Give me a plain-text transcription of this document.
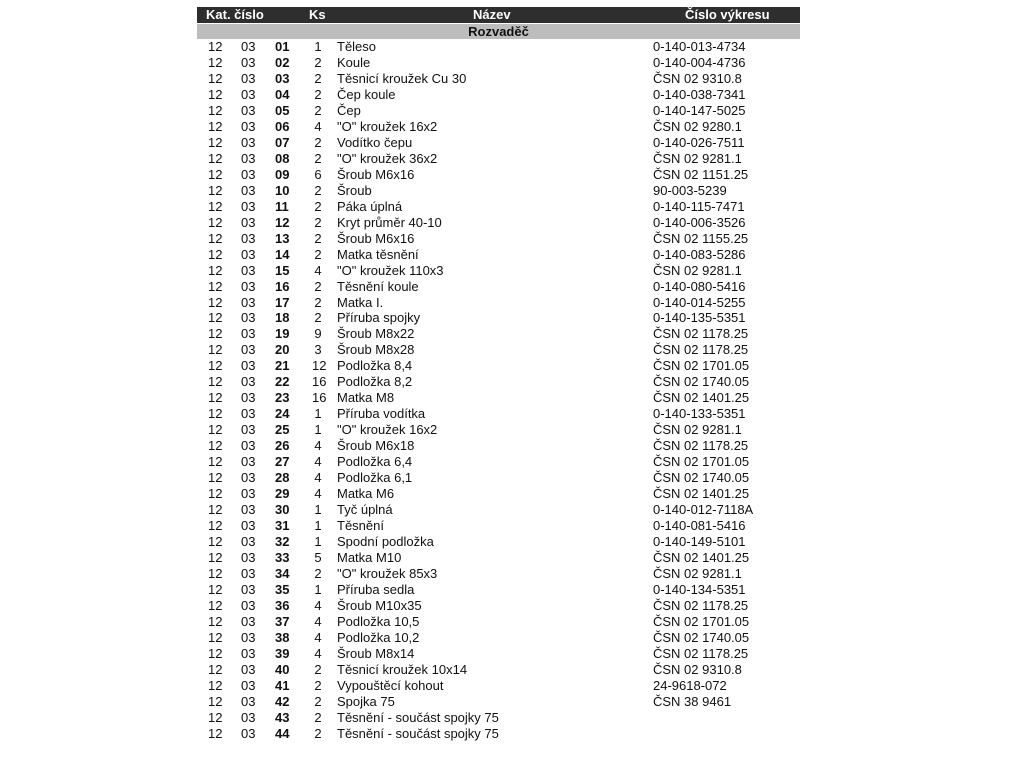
Kat. číslo	Ks	Název	Číslo výkresu
Rozvaděč
12 03 01 1 Těleso	0-140-013-4734
12 03 02 2 Koule	0-140-004-4736
12 03 03 2 Těsnicí kroužek Cu 30	ČSN 02 9310.8
12 03 04 2 Čep koule	0-140-038-7341
12 03 05 2 Čep	0-140-147-5025
12 03 06 4 "O" kroužek 16x2	ČSN 02 9280.1
12 03 07 2 Vodítko čepu	0-140-026-7511
12 03 08 2 "O" kroužek 36x2	ČSN 02 9281.1
12 03 09 6 Šroub M6x16	ČSN 02 1151.25
12 03 10 2 Šroub	90-003-5239
12 03 11 2 Páka úplná	0-140-115-7471
12 03 12 2 Kryt průměr 40-10	0-140-006-3526
12 03 13 2 Šroub M6x16	ČSN 02 1155.25
12 03 14 2 Matka těsnění	0-140-083-5286
12 03 15 4 "O" kroužek 110x3	ČSN 02 9281.1
12 03 16 2 Těsnění koule	0-140-080-5416
12 03 17 2 Matka I.	0-140-014-5255
12 03 18 2 Příruba spojky	0-140-135-5351
12 03 19 9 Šroub M8x22	ČSN 02 1178.25
12 03 20 3 Šroub M8x28	ČSN 02 1178.25
12 03 21 12 Podložka 8,4	ČSN 02 1701.05
12 03 22 16 Podložka 8,2	ČSN 02 1740.05
12 03 23 16 Matka M8	ČSN 02 1401.25
12 03 24 1 Příruba vodítka	0-140-133-5351
12 03 25 1 "O" kroužek 16x2	ČSN 02 9281.1
12 03 26 4 Šroub M6x18	ČSN 02 1178.25
12 03 27 4 Podložka 6,4	ČSN 02 1701.05
12 03 28 4 Podložka 6,1	ČSN 02 1740.05
12 03 29 4 Matka M6	ČSN 02 1401.25
12 03 30 1 Tyč úplná	0-140-012-7118A
12 03 31 1 Těsnění	0-140-081-5416
12 03 32 1 Spodní podložka	0-140-149-5101
12 03 33 5 Matka M10	ČSN 02 1401.25
12 03 34 2 "O" kroužek 85x3	ČSN 02 9281.1
12 03 35 1 Příruba sedla	0-140-134-5351
12 03 36 4 Šroub M10x35	ČSN 02 1178.25
12 03 37 4 Podložka 10,5	ČSN 02 1701.05
12 03 38 4 Podložka 10,2	ČSN 02 1740.05
12 03 39 4 Šroub M8x14	ČSN 02 1178.25
12 03 40 2 Těsnicí kroužek 10x14	ČSN 02 9310.8
12 03 41 2 Vypouštěcí kohout	24-9618-072
12 03 42 2 Spojka 75	ČSN 38 9461
12 03 43 2 Těsnění - součást spojky 75
12 03 44 2 Těsnění - součást spojky 75
